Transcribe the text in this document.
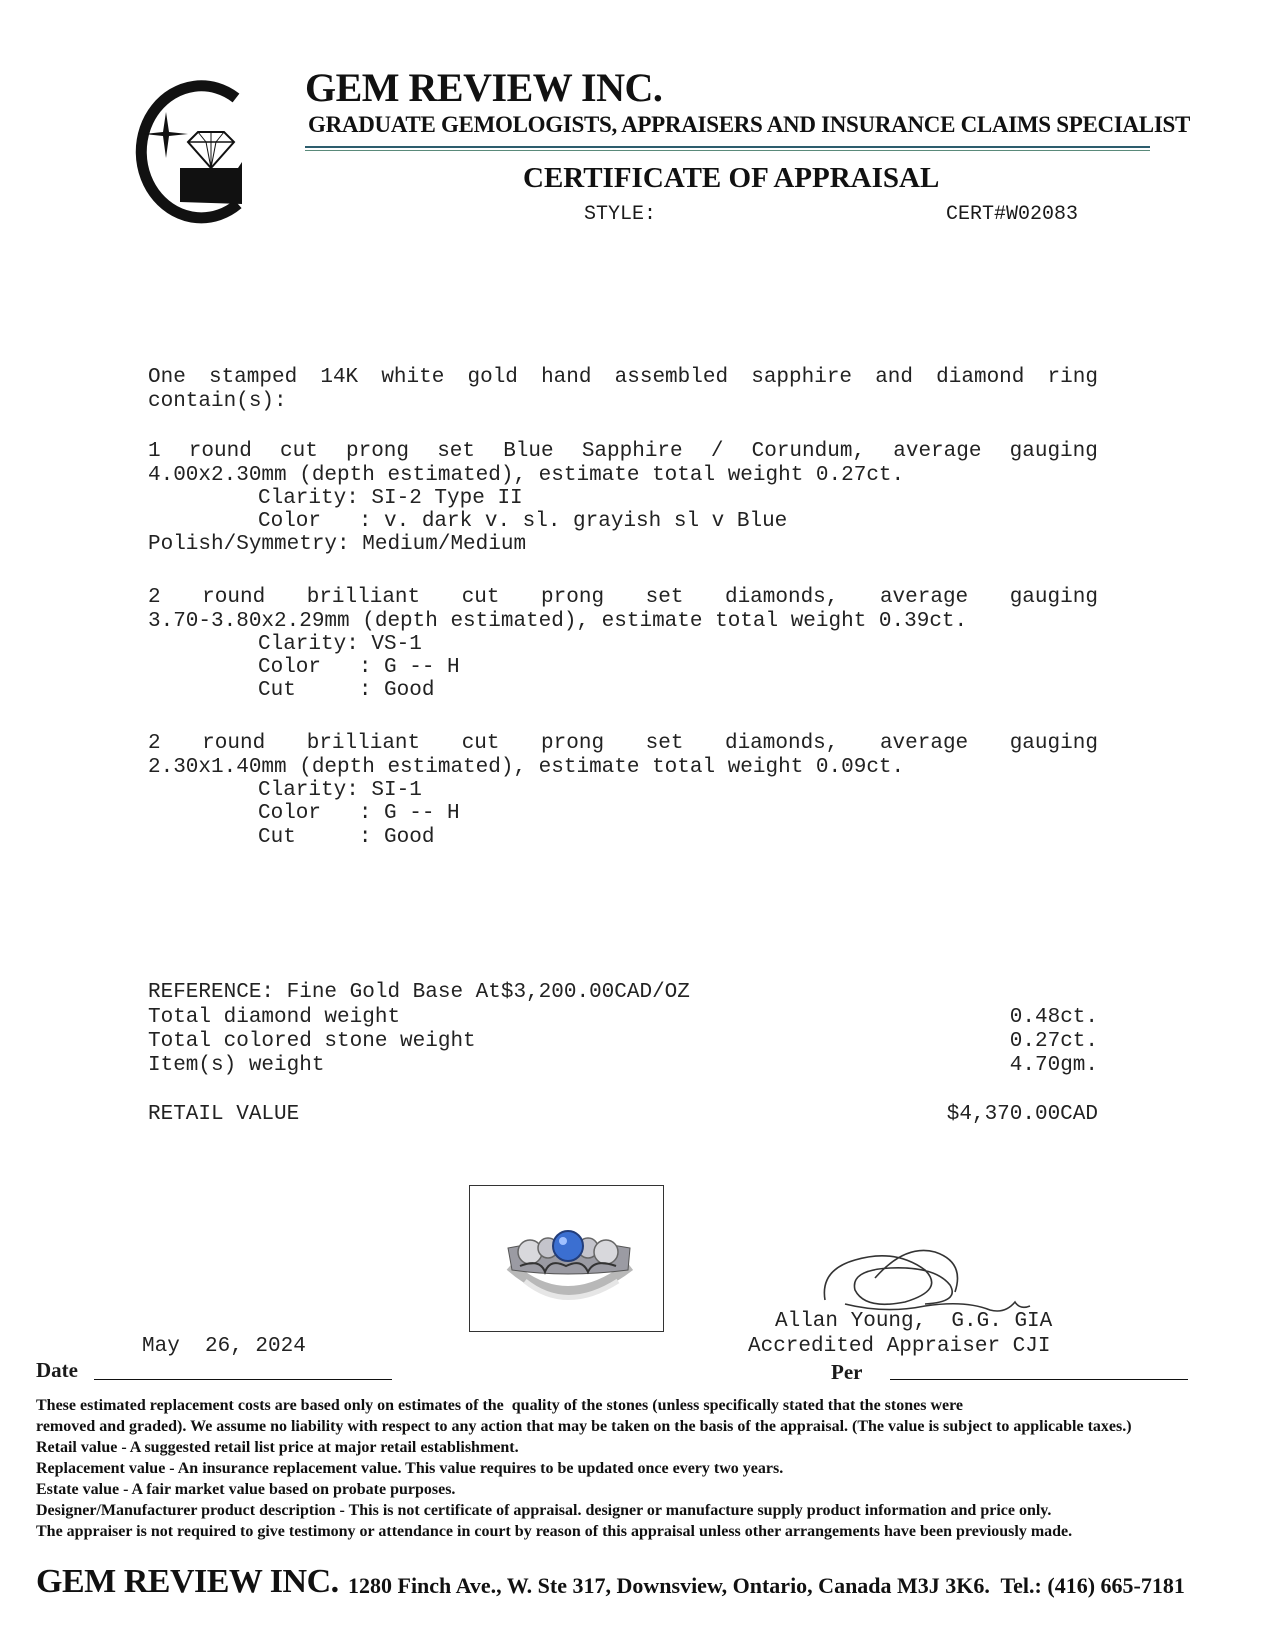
GEM REVIEW INC.
GRADUATE GEMOLOGISTS, APPRAISERS AND INSURANCE CLAIMS SPECIALIST
CERTIFICATE OF APPRAISAL
STYLE:	CERT#W02083
One stamped 14K white gold hand assembled sapphire and diamond ring
contain(s):
1 round cut prong set Blue Sapphire / Corundum, average gauging
4.00x2.30mm (depth estimated), estimate total weight 0.27ct.
Clarity: SI-2 Type II
Color   : v. dark v. sl. grayish sl v Blue
Polish/Symmetry: Medium/Medium
2 round brilliant cut prong set diamonds, average gauging
3.70-3.80x2.29mm (depth estimated), estimate total weight 0.39ct.
Clarity: VS-1
Color   : G -- H
Cut     : Good
2 round brilliant cut prong set diamonds, average gauging
2.30x1.40mm (depth estimated), estimate total weight 0.09ct.
Clarity: SI-1
Color   : G -- H
Cut     : Good
REFERENCE: Fine Gold Base At$3,200.00CAD/OZ
Total diamond weight	0.48ct.
Total colored stone weight	0.27ct.
Item(s) weight	4.70gm.
RETAIL VALUE	$4,370.00CAD
May  26, 2024
Date
Allan Young,  G.G. GIA
Accredited Appraiser CJI
Per
These estimated replacement costs are based only on estimates of the  quality of the stones (unless specifically stated that the stones were
removed and graded). We assume no liability with respect to any action that may be taken on the basis of the appraisal. (The value is subject to applicable taxes.)
Retail value - A suggested retail list price at major retail establishment.
Replacement value - An insurance replacement value. This value requires to be updated once every two years.
Estate value - A fair market value based on probate purposes.
Designer/Manufacturer product description - This is not certificate of appraisal. designer or manufacture supply product information and price only.
The appraiser is not required to give testimony or attendance in court by reason of this appraisal unless other arrangements have been previously made.
GEM REVIEW INC. 1280 Finch Ave., W. Ste 317, Downsview, Ontario, Canada M3J 3K6.  Tel.: (416) 665-7181
